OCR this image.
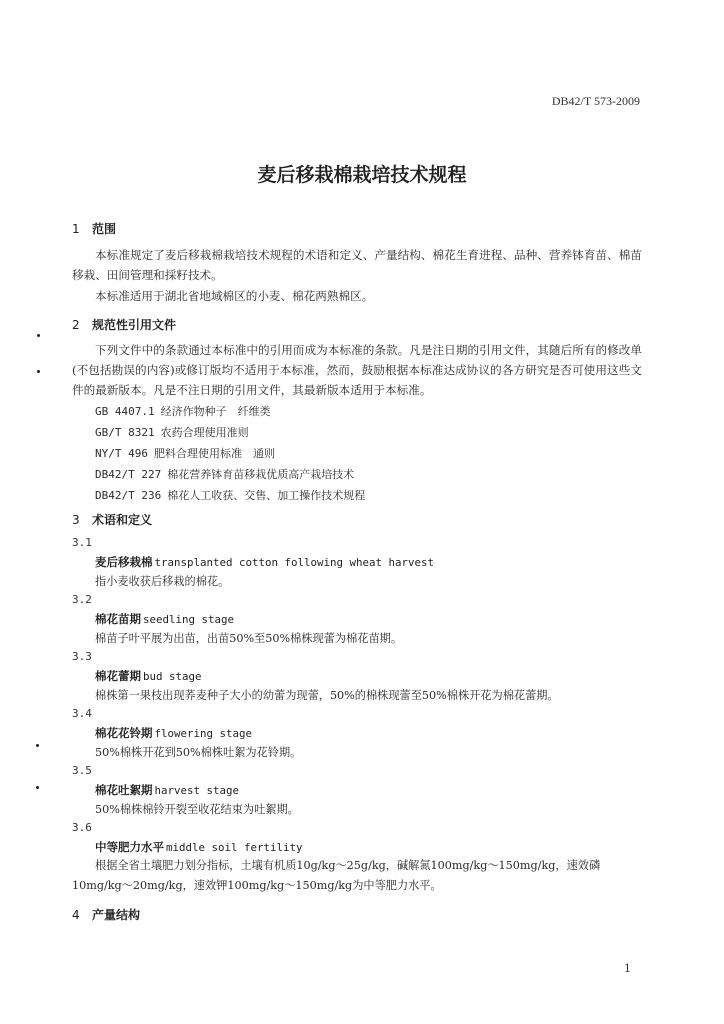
DB42/T 573-2009
麦后移栽棉栽培技术规程
1 范围
本标准规定了麦后移栽棉栽培技术规程的术语和定义、产量结构、棉花生育进程、品种、营养钵育苗、棉苗移栽、田间管理和採籽技术。
本标准适用于湖北省地域棉区的小麦、棉花两熟棉区。
2 规范性引用文件
下列文件中的条款通过本标准中的引用而成为本标准的条款。凡是注日期的引用文件，其随后所有的修改单(不包括勘误的内容)或修订版均不适用于本标准，然而，鼓励根据本标准达成协议的各方研究是否可使用这些文件的最新版本。凡是不注日期的引用文件，其最新版本适用于本标准。
GB 4407.1 经济作物种子　纤维类
GB/T 8321 农药合理使用准则
NY/T 496 肥料合理使用标准　通则
DB42/T 227 棉花营养钵育苗移栽优质高产栽培技术
DB42/T 236 棉花人工收获、交售、加工操作技术规程
3 术语和定义
3.1
麦后移栽棉 transplanted cotton following wheat harvest
指小麦收获后移栽的棉花。
3.2
棉花苗期 seedling stage
棉苗子叶平展为出苗，出苗50%至50%棉株现蕾为棉花苗期。
3.3
棉花蕾期 bud stage
棉株第一果枝出现荞麦种子大小的幼蕾为现蕾，50%的棉株现蕾至50%棉株开花为棉花蕾期。
3.4
棉花花铃期 flowering stage
50%棉株开花到50%棉株吐絮为花铃期。
3.5
棉花吐絮期 harvest stage
50%棉株棉铃开裂至收花结束为吐絮期。
3.6
中等肥力水平 middle soil fertility
根据全省土壤肥力划分指标，土壤有机质10g/kg～25g/kg，碱解氮100mg/kg～150mg/kg，速效磷10mg/kg～20mg/kg，速效钾100mg/kg～150mg/kg为中等肥力水平。
4 产量结构
1
